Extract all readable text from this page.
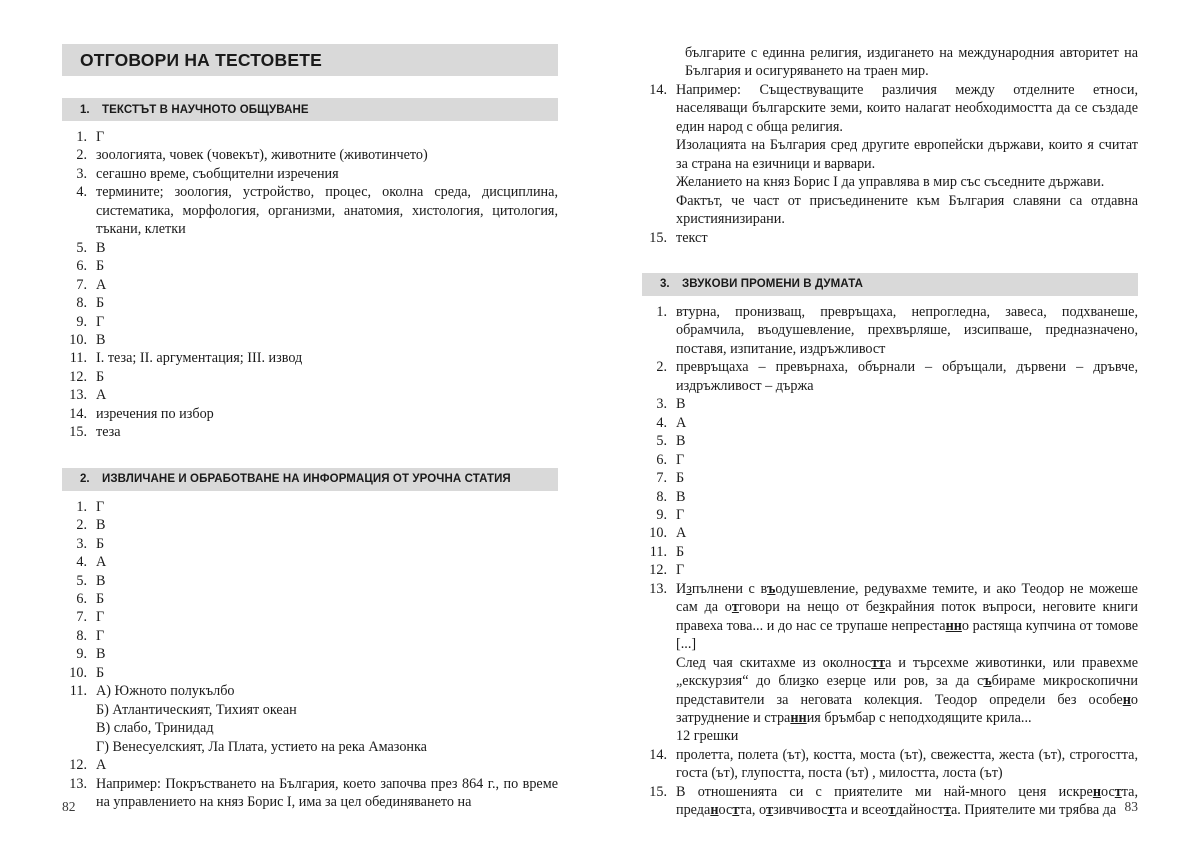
ОТГОВОРИ НА ТЕСТОВЕТЕ
1.	ТЕКСТЪТ В НАУЧНОТО ОБЩУВАНЕ
1. Г
2. зоологията, човек (човекът), животните (животинчето)
3. сегашно време, съобщителни изречения
4. термините; зоология, устройство, процес, околна среда, дисциплина, систематика, морфология, организми, анатомия, хистология, цитология, тъкани, клетки
5. В
6. Б
7. А
8. Б
9. Г
10. В
11. I. теза; II. аргументация; III. извод
12. Б
13. А
14. изречения по избор
15. теза
2.	ИЗВЛИЧАНЕ И ОБРАБОТВАНЕ НА ИНФОРМАЦИЯ ОТ УРОЧНА СТАТИЯ
1. Г
2. В
3. Б
4. А
5. В
6. Б
7. Г
8. Г
9. В
10. Б
11. А) Южното полукълбо
Б) Атлантическият, Тихият океан
В) слабо, Тринидад
Г) Венесуелският, Ла Плата, устието на река Амазонка
12. А
13. Например: Покръстването на България, което започва през 864 г., по време на управлението на княз Борис I, има за цел обединяването на
82
българите с единна религия, издигането на международния авторитет на България и осигуряването на траен мир.
14. Например: Съществуващите различия между отделните етноси, населяващи българските земи, които налагат необходимостта да се създаде един народ с обща религия.

Изолацията на България сред другите европейски държави, които я считат за страна на езичници и варвари.

Желанието на княз Борис I да управлява в мир със съседните държави.

Фактът, че част от присъединените към България славяни са отдавна християнизирани.

15. текст
3.	ЗВУКОВИ ПРОМЕНИ В ДУМАТА
1. втурна, пронизващ, превръщаха, непрогледна, завеса, подхванеше, обрамчила, въодушевление, прехвърляше, изсипваше, предназначено, поставя, изпитание, издръжливост
2. превръщаха – превърнаха, обърнали – обръщали, дървени – дръвче, издръжливост – държа
3. В
4. А
5. В
6. Г
7. Б
8. В
9. Г
10. А
11. Б
12. Г
13. Изпълнени с въодушевление, редувахме темите, и ако Теодор не можеше сам да отговори на нещо от безкрайния поток въпроси, неговите книги правеха това... и до нас се трупаше непрестанно растяща купчина от томове [...]

След чая скитахме из околността и търсехме животинки, или правехме „екскурзия“ до близко езерце или ров, за да събираме микроскопични представители за неговата колекция. Теодор определи без особено затруднение и странния бръмбар с неподходящите крила...

12 грешки

14. пролетта, полета (ът), костта, моста (ът), свежестта, жеста (ът), строгостта, госта (ът), глупостта, поста (ът) , милостта, лоста (ът)
15. В отношенията си с приятелите ми най-много ценя искреността, предаността, отзивчивостта и всеотдайността. Приятелите ми трябва да 83
